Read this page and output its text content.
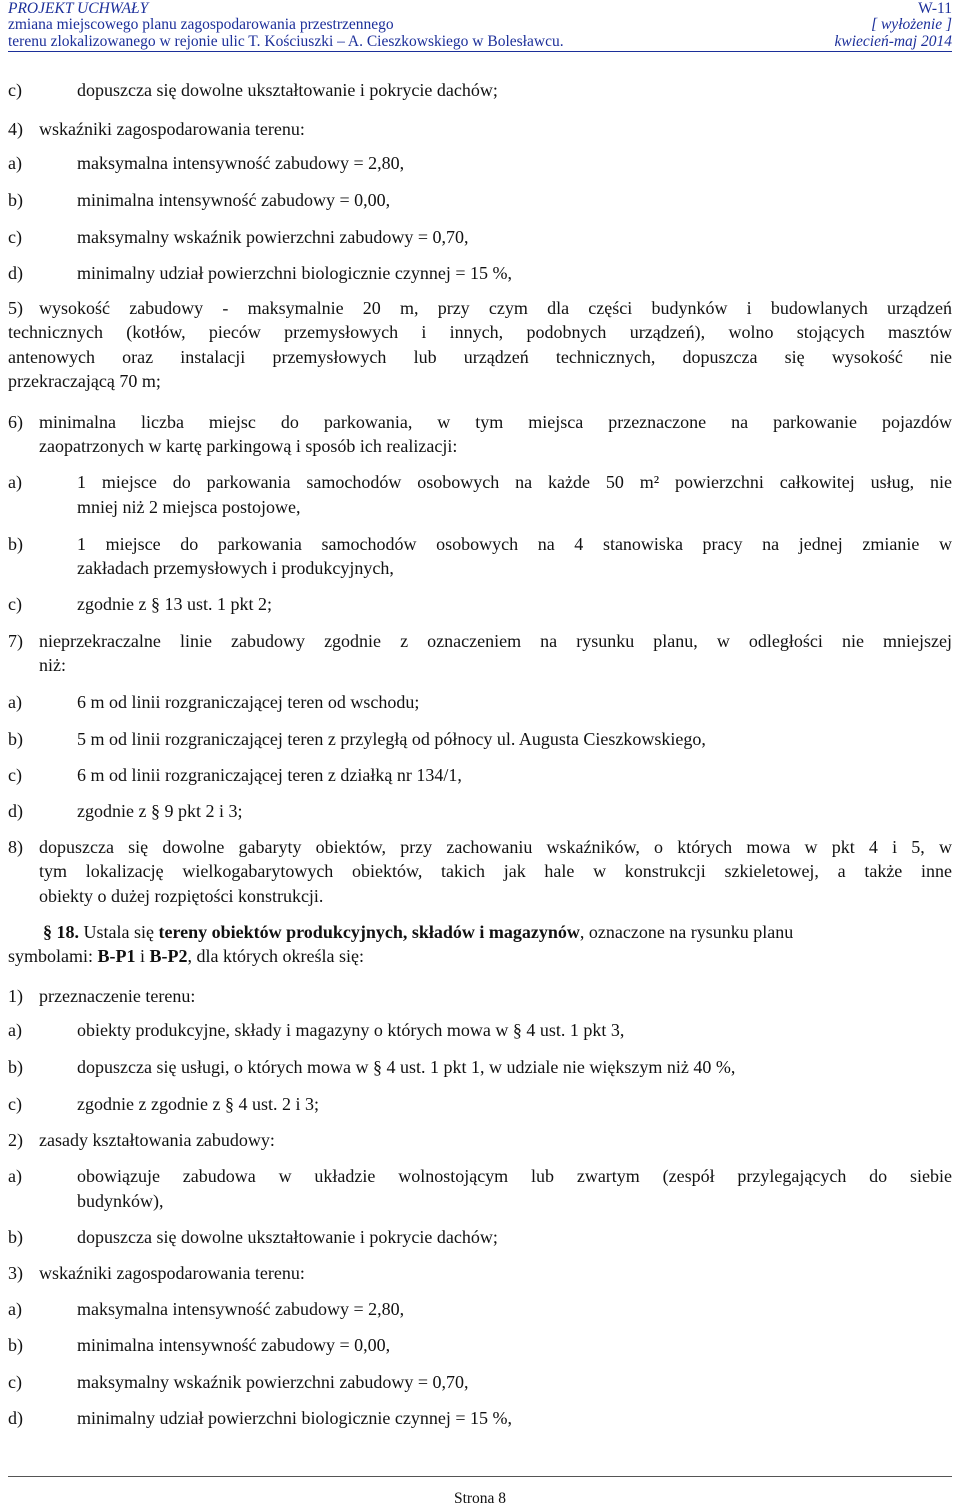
PROJEKT UCHWAŁY	W-11
zmiana miejscowego planu zagospodarowania przestrzennego	[ wyłożenie ]
terenu zlokalizowanego w rejonie ulic T. Kościuszki – A. Cieszkowskiego w Bolesławcu.	kwiecień-maj 2014
c)	dopuszcza się dowolne ukształtowanie i pokrycie dachów;
4) wskaźniki zagospodarowania terenu:
a)	maksymalna intensywność zabudowy = 2,80,
b)	minimalna intensywność zabudowy = 0,00,
c)	maksymalny wskaźnik powierzchni zabudowy = 0,70,
d)	minimalny udział powierzchni biologicznie czynnej = 15 %,
5) wysokość zabudowy - maksymalnie 20 m, przy czym dla części budynków i budowlanych urządzeń
technicznych (kotłów, pieców przemysłowych i innych, podobnych urządzeń), wolno stojących masztów
antenowych oraz instalacji przemysłowych lub urządzeń technicznych, dopuszcza się wysokość nie
przekraczającą 70 m;
6) minimalna liczba miejsc do parkowania, w tym miejsca przeznaczone na parkowanie pojazdów
zaopatrzonych w kartę parkingową i sposób ich realizacji:
a)	1 miejsce do parkowania samochodów osobowych na każde 50 m² powierzchni całkowitej usług, nie
mniej niż 2 miejsca postojowe,
b)	1 miejsce do parkowania samochodów osobowych na 4 stanowiska pracy na jednej zmianie w
zakładach przemysłowych i produkcyjnych,
c)	zgodnie z § 13 ust. 1 pkt 2;
7) nieprzekraczalne linie zabudowy zgodnie z oznaczeniem na rysunku planu, w odległości nie mniejszej
niż:
a)	6 m od linii rozgraniczającej teren od wschodu;
b)	5 m od linii rozgraniczającej teren z przyległą od północy ul. Augusta Cieszkowskiego,
c)	6 m od linii rozgraniczającej teren z działką nr 134/1,
d)	zgodnie z § 9 pkt 2 i 3;
8) dopuszcza się dowolne gabaryty obiektów, przy zachowaniu wskaźników, o których mowa w pkt 4 i 5, w
tym lokalizację wielkogabarytowych obiektów, takich jak hale w konstrukcji szkieletowej, a także inne
obiekty o dużej rozpiętości konstrukcji.
§ 18. Ustala się tereny obiektów produkcyjnych, składów i magazynów, oznaczone na rysunku planu
symbolami: B-P1 i B-P2, dla których określa się:
1) przeznaczenie terenu:
a)	obiekty produkcyjne, składy i magazyny o których mowa w § 4 ust. 1 pkt 3,
b)	dopuszcza się usługi, o których mowa w § 4 ust. 1 pkt 1, w udziale nie większym niż 40 %,
c)	zgodnie z zgodnie z § 4 ust. 2 i 3;
2) zasady kształtowania zabudowy:
a)	obowiązuje zabudowa w układzie wolnostojącym lub zwartym (zespół przylegających do siebie
budynków),
b)	dopuszcza się dowolne ukształtowanie i pokrycie dachów;
3) wskaźniki zagospodarowania terenu:
a)	maksymalna intensywność zabudowy = 2,80,
b)	minimalna intensywność zabudowy = 0,00,
c)	maksymalny wskaźnik powierzchni zabudowy = 0,70,
d)	minimalny udział powierzchni biologicznie czynnej = 15 %,
Strona 8
